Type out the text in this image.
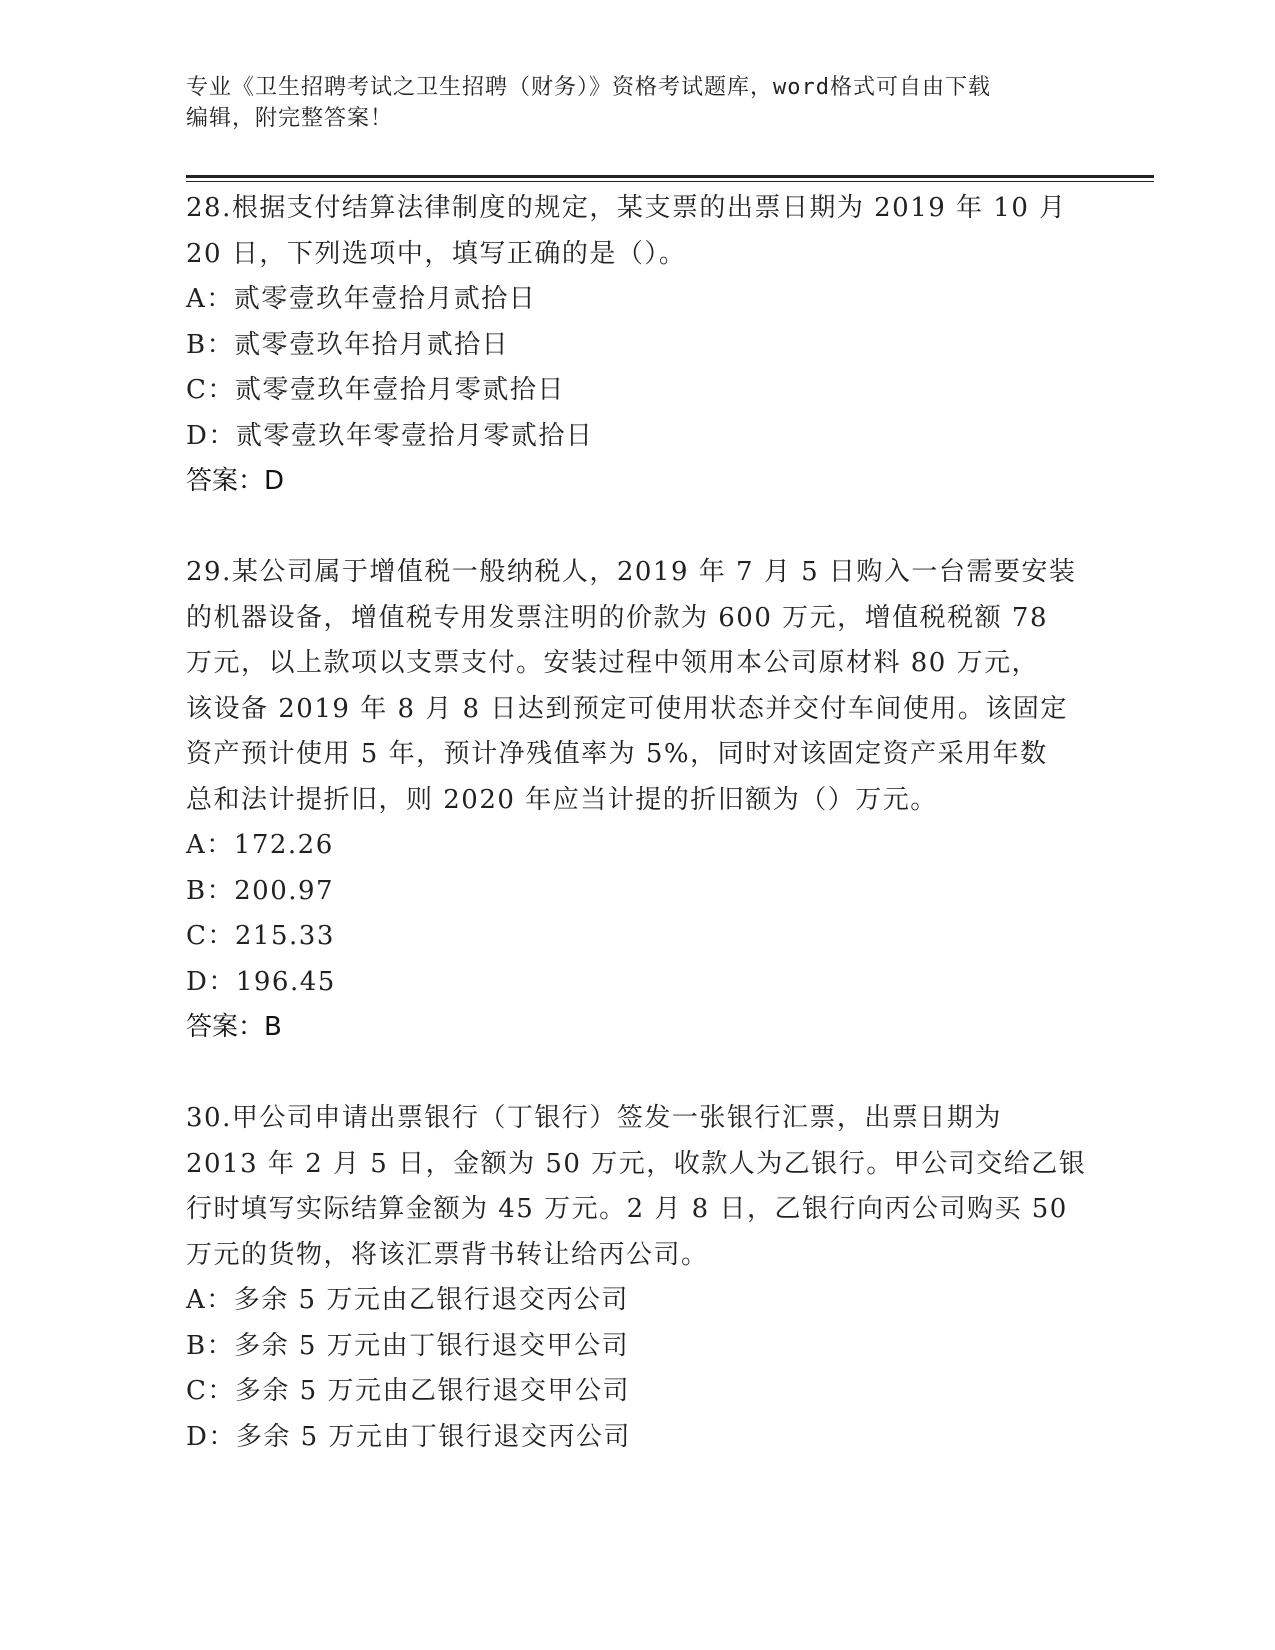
专业《卫生招聘考试之卫生招聘（财务）》资格考试题库，word格式可自由下载
编辑，附完整答案！
28.根据支付结算法律制度的规定，某支票的出票日期为 2019 年 10 月
20 日，下列选项中，填写正确的是（）。
A：贰零壹玖年壹拾月贰拾日
B：贰零壹玖年拾月贰拾日
C：贰零壹玖年壹拾月零贰拾日
D：贰零壹玖年零壹拾月零贰拾日
答案：D
29.某公司属于增值税一般纳税人，2019 年 7 月 5 日购入一台需要安装
的机器设备，增值税专用发票注明的价款为 600 万元，增值税税额 78
万元，以上款项以支票支付。安装过程中领用本公司原材料 80 万元，
该设备 2019 年 8 月 8 日达到预定可使用状态并交付车间使用。该固定
资产预计使用 5 年，预计净残值率为 5%，同时对该固定资产采用年数
总和法计提折旧，则 2020 年应当计提的折旧额为（）万元。
A：172.26
B：200.97
C：215.33
D：196.45
答案：B
30.甲公司申请出票银行（丁银行）签发一张银行汇票，出票日期为
2013 年 2 月 5 日，金额为 50 万元，收款人为乙银行。甲公司交给乙银
行时填写实际结算金额为 45 万元。2 月 8 日，乙银行向丙公司购买 50
万元的货物，将该汇票背书转让给丙公司。
A：多余 5 万元由乙银行退交丙公司
B：多余 5 万元由丁银行退交甲公司
C：多余 5 万元由乙银行退交甲公司
D：多余 5 万元由丁银行退交丙公司
